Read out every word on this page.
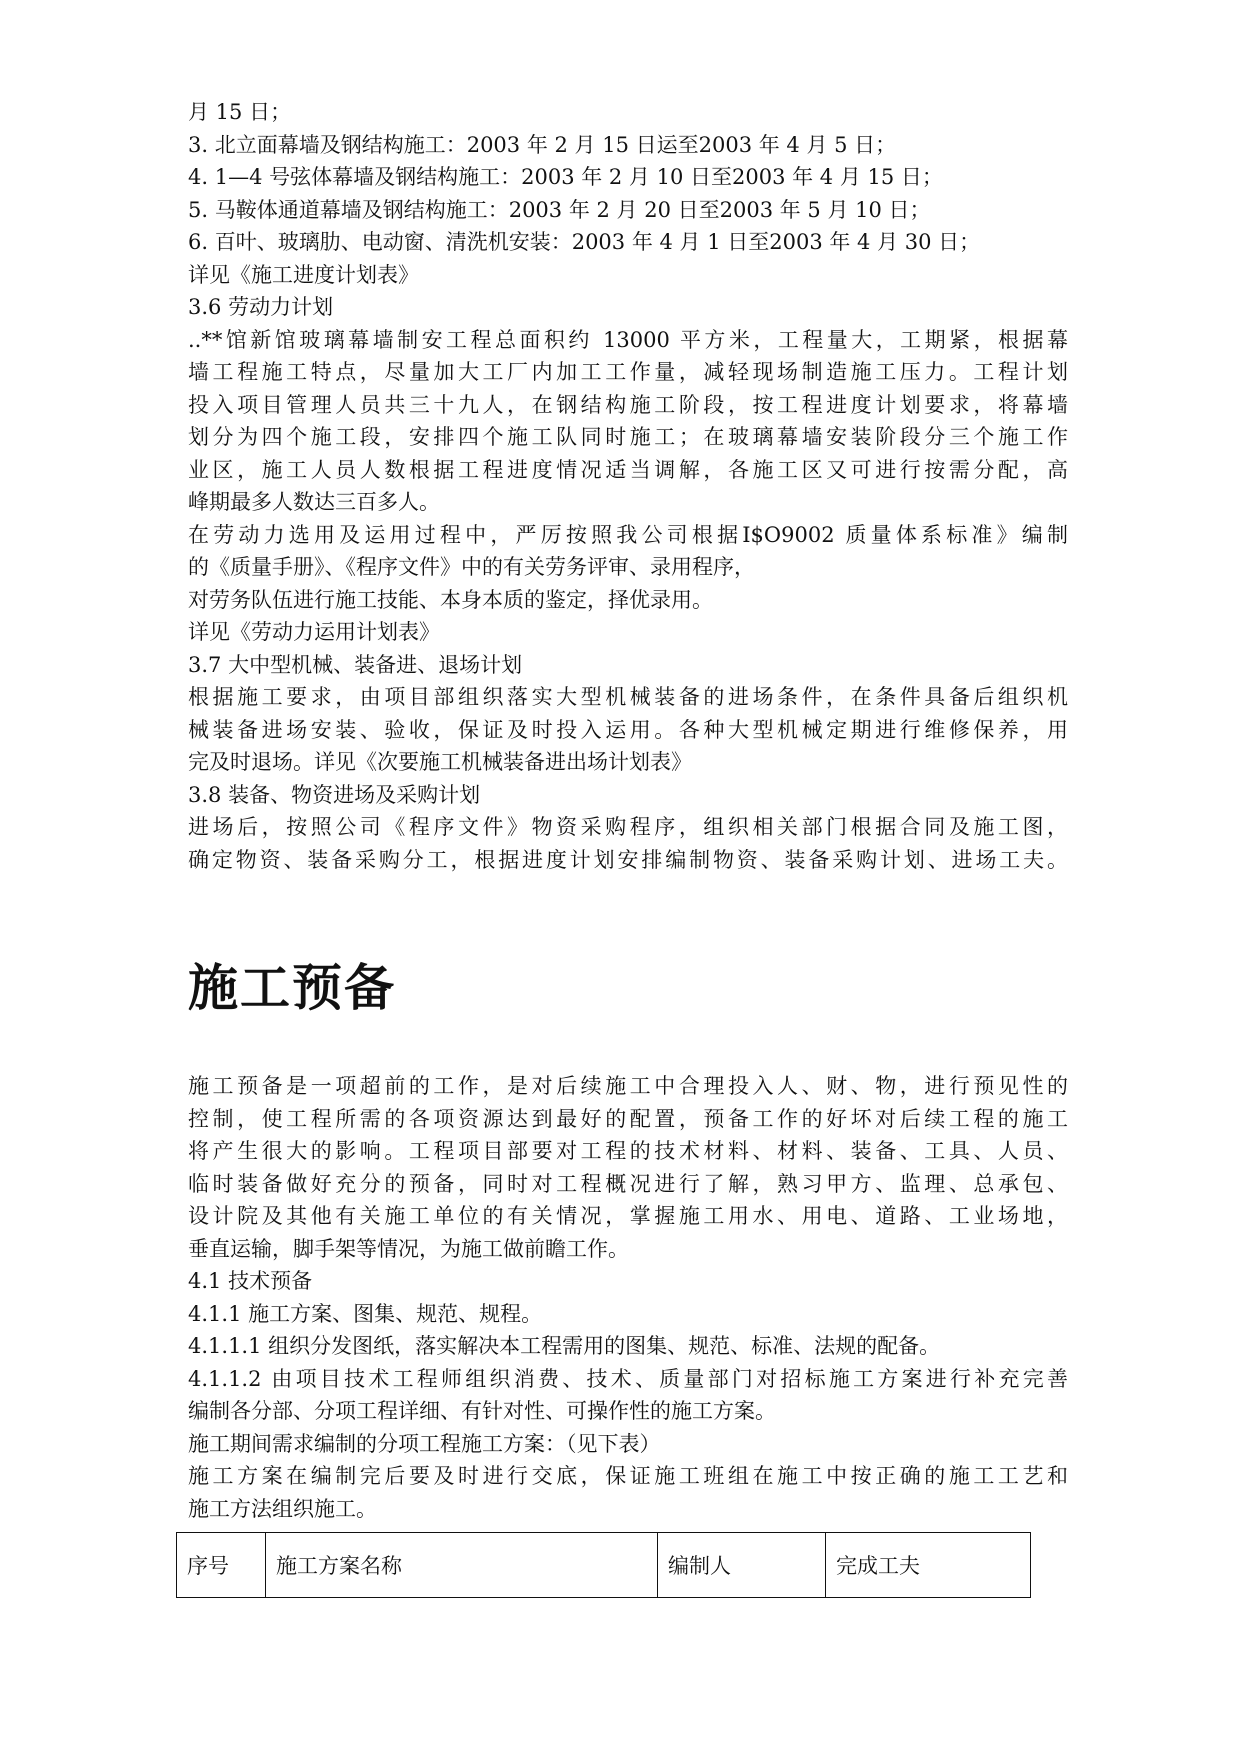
月 15 日；
3. 北立面幕墙及钢结构施工：2003 年 2 月 15 日运至2003 年 4 月 5 日；
4. 1—4 号弦体幕墙及钢结构施工：2003 年 2 月 10 日至2003 年 4 月 15 日；
5. 马鞍体通道幕墙及钢结构施工：2003 年 2 月 20 日至2003 年 5 月 10 日；
6. 百叶、玻璃肋、电动窗、清洗机安装：2003 年 4 月 1 日至2003 年 4 月 30 日；
详见《施工进度计划表》
3.6 劳动力计划
..**馆新馆玻璃幕墙制安工程总面积约 13000 平方米，工程量大，工期紧，根据幕
墙工程施工特点，尽量加大工厂内加工工作量，减轻现场制造施工压力。工程计划
投入项目管理人员共三十九人，在钢结构施工阶段，按工程进度计划要求，将幕墙
划分为四个施工段，安排四个施工队同时施工；在玻璃幕墙安装阶段分三个施工作
业区，施工人员人数根据工程进度情况适当调解，各施工区又可进行按需分配，高
峰期最多人数达三百多人。
在劳动力选用及运用过程中，严厉按照我公司根据I$O9002 质量体系标准》编制
的《质量手册》、《程序文件》中的有关劳务评审、录用程序，
对劳务队伍进行施工技能、本身本质的鉴定，择优录用。
详见《劳动力运用计划表》
3.7 大中型机械、装备进、退场计划
根据施工要求，由项目部组织落实大型机械装备的进场条件，在条件具备后组织机
械装备进场安装、验收，保证及时投入运用。各种大型机械定期进行维修保养，用
完及时退场。详见《次要施工机械装备进出场计划表》
3.8 装备、物资进场及采购计划
进场后，按照公司《程序文件》物资采购程序，组织相关部门根据合同及施工图，
确定物资、装备采购分工，根据进度计划安排编制物资、装备采购计划、进场工夫。
施工预备
施工预备是一项超前的工作，是对后续施工中合理投入人、财、物，进行预见性的
控制，使工程所需的各项资源达到最好的配置，预备工作的好坏对后续工程的施工
将产生很大的影响。工程项目部要对工程的技术材料、材料、装备、工具、人员、
临时装备做好充分的预备，同时对工程概况进行了解，熟习甲方、监理、总承包、
设计院及其他有关施工单位的有关情况，掌握施工用水、用电、道路、工业场地，
垂直运输，脚手架等情况，为施工做前瞻工作。
4.1 技术预备
4.1.1 施工方案、图集、规范、规程。
4.1.1.1 组织分发图纸，落实解决本工程需用的图集、规范、标准、法规的配备。
4.1.1.2 由项目技术工程师组织消费、技术、质量部门对招标施工方案进行补充完善
编制各分部、分项工程详细、有针对性、可操作性的施工方案。
施工期间需求编制的分项工程施工方案：（见下表）
施工方案在编制完后要及时进行交底，保证施工班组在施工中按正确的施工工艺和
施工方法组织施工。
序号	施工方案名称	编制人	完成工夫
